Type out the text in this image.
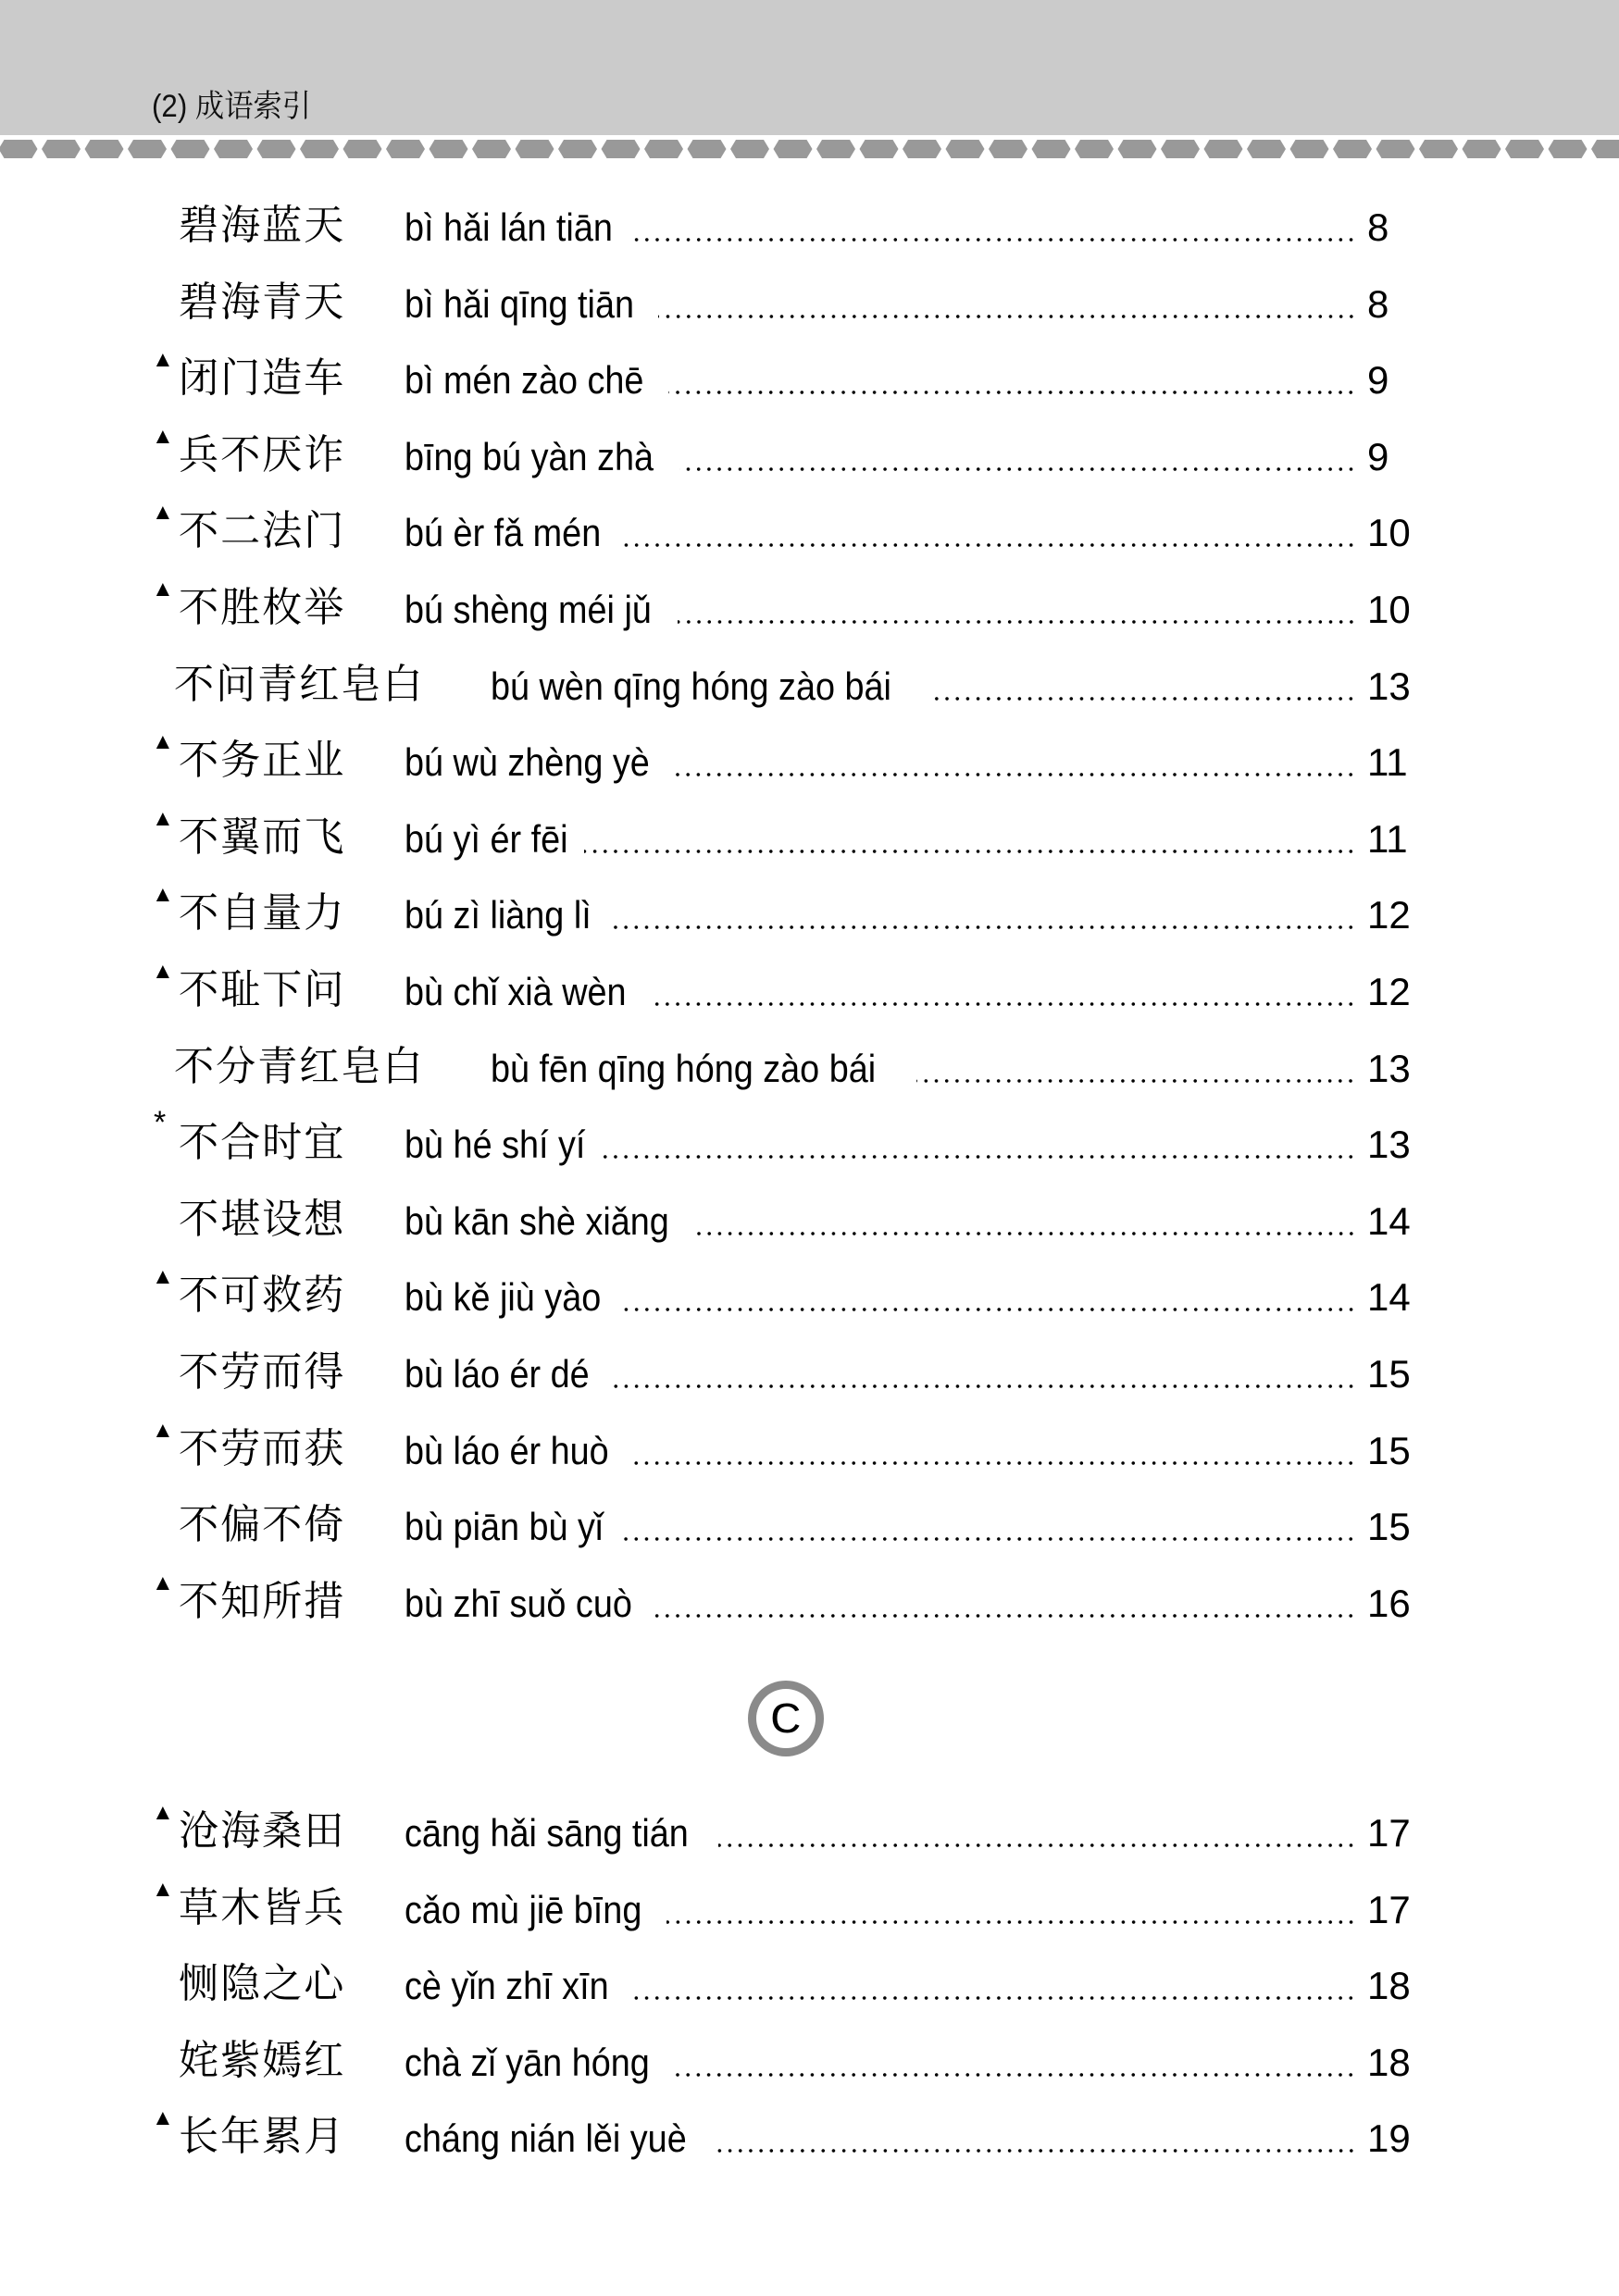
(2) 成语索引
碧海蓝天 bì hǎi lán tiān	8
碧海青天 bì hǎi qīng tiān	8
▲ 闭门造车 bì mén zào chē	9
▲ 兵不厌诈 bīng bú yàn zhà	9
▲ 不二法门 bú èr fǎ mén	10
▲ 不胜枚举 bú shèng méi jǔ	10
不问青红皂白 bú wèn qīng hóng zào bái	13
▲ 不务正业 bú wù zhèng yè	11
▲ 不翼而飞 bú yì ér fēi	11
▲ 不自量力 bú zì liàng lì	12
▲ 不耻下问 bù chǐ xià wèn	12
不分青红皂白 bù fēn qīng hóng zào bái	13
* 不合时宜 bù hé shí yí	13
不堪设想 bù kān shè xiǎng	14
▲ 不可救药 bù kě jiù yào	14
不劳而得 bù láo ér dé	15
▲ 不劳而获 bù láo ér huò	15
不偏不倚 bù piān bù yǐ	15
▲ 不知所措 bù zhī suǒ cuò	16
▲ 沧海桑田 cāng hǎi sāng tián	17
▲ 草木皆兵 cǎo mù jiē bīng	17
恻隐之心 cè yǐn zhī xīn	18
姹紫嫣红 chà zǐ yān hóng	18
▲ 长年累月 cháng nián lěi yuè	19
C
